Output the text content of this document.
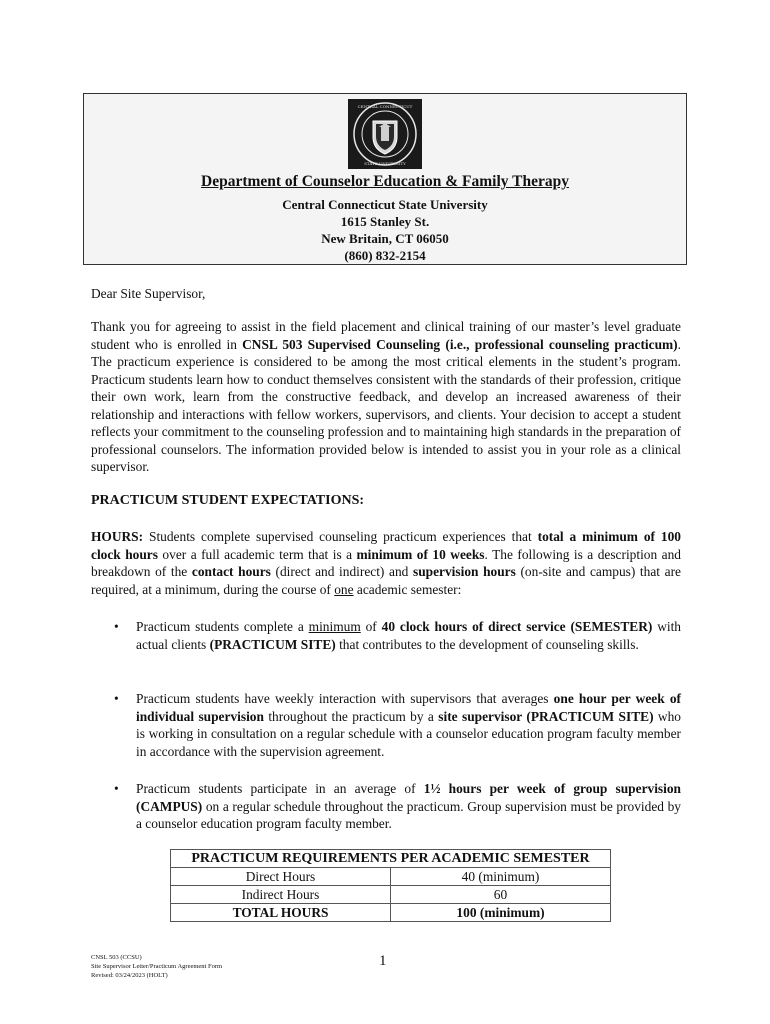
CENTRAL CONNECTICUT
STATE UNIVERSITY
Department of Counselor Education & Family Therapy
Central Connecticut State University
1615 Stanley St.
New Britain, CT 06050
(860) 832-2154
Dear Site Supervisor,
Thank you for agreeing to assist in the field placement and clinical training of our master’s level graduate student who is enrolled in CNSL 503 Supervised Counseling (i.e., professional counseling practicum). The practicum experience is considered to be among the most critical elements in the student’s program. Practicum students learn how to conduct themselves consistent with the standards of their profession, critique their own work, learn from the constructive feedback, and develop an increased awareness of their relationship and interactions with fellow workers, supervisors, and clients. Your decision to accept a student reflects your commitment to the counseling profession and to maintaining high standards in the preparation of professional counselors. The information provided below is intended to assist you in your role as a clinical supervisor.
PRACTICUM STUDENT EXPECTATIONS:
HOURS: Students complete supervised counseling practicum experiences that total a minimum of 100 clock hours over a full academic term that is a minimum of 10 weeks. The following is a description and breakdown of the contact hours (direct and indirect) and supervision hours (on-site and campus) that are required, at a minimum, during the course of one academic semester:
• Practicum students complete a minimum of 40 clock hours of direct service (SEMESTER) with actual clients (PRACTICUM SITE) that contributes to the development of counseling skills.
• Practicum students have weekly interaction with supervisors that averages one hour per week of individual supervision throughout the practicum by a site supervisor (PRACTICUM SITE) who is working in consultation on a regular schedule with a counselor education program faculty member in accordance with the supervision agreement.
• Practicum students participate in an average of 1½ hours per week of group supervision (CAMPUS) on a regular schedule throughout the practicum. Group supervision must be provided by a counselor education program faculty member.
PRACTICUM REQUIREMENTS PER ACADEMIC SEMESTER	
Direct Hours	40 (minimum)
Indirect Hours	60
TOTAL HOURS	100 (minimum)
CNSL 503 (CCSU)
Site Supervisor Letter/Practicum Agreement Form
Revised: 03/24/2023 (HOLT)
1
